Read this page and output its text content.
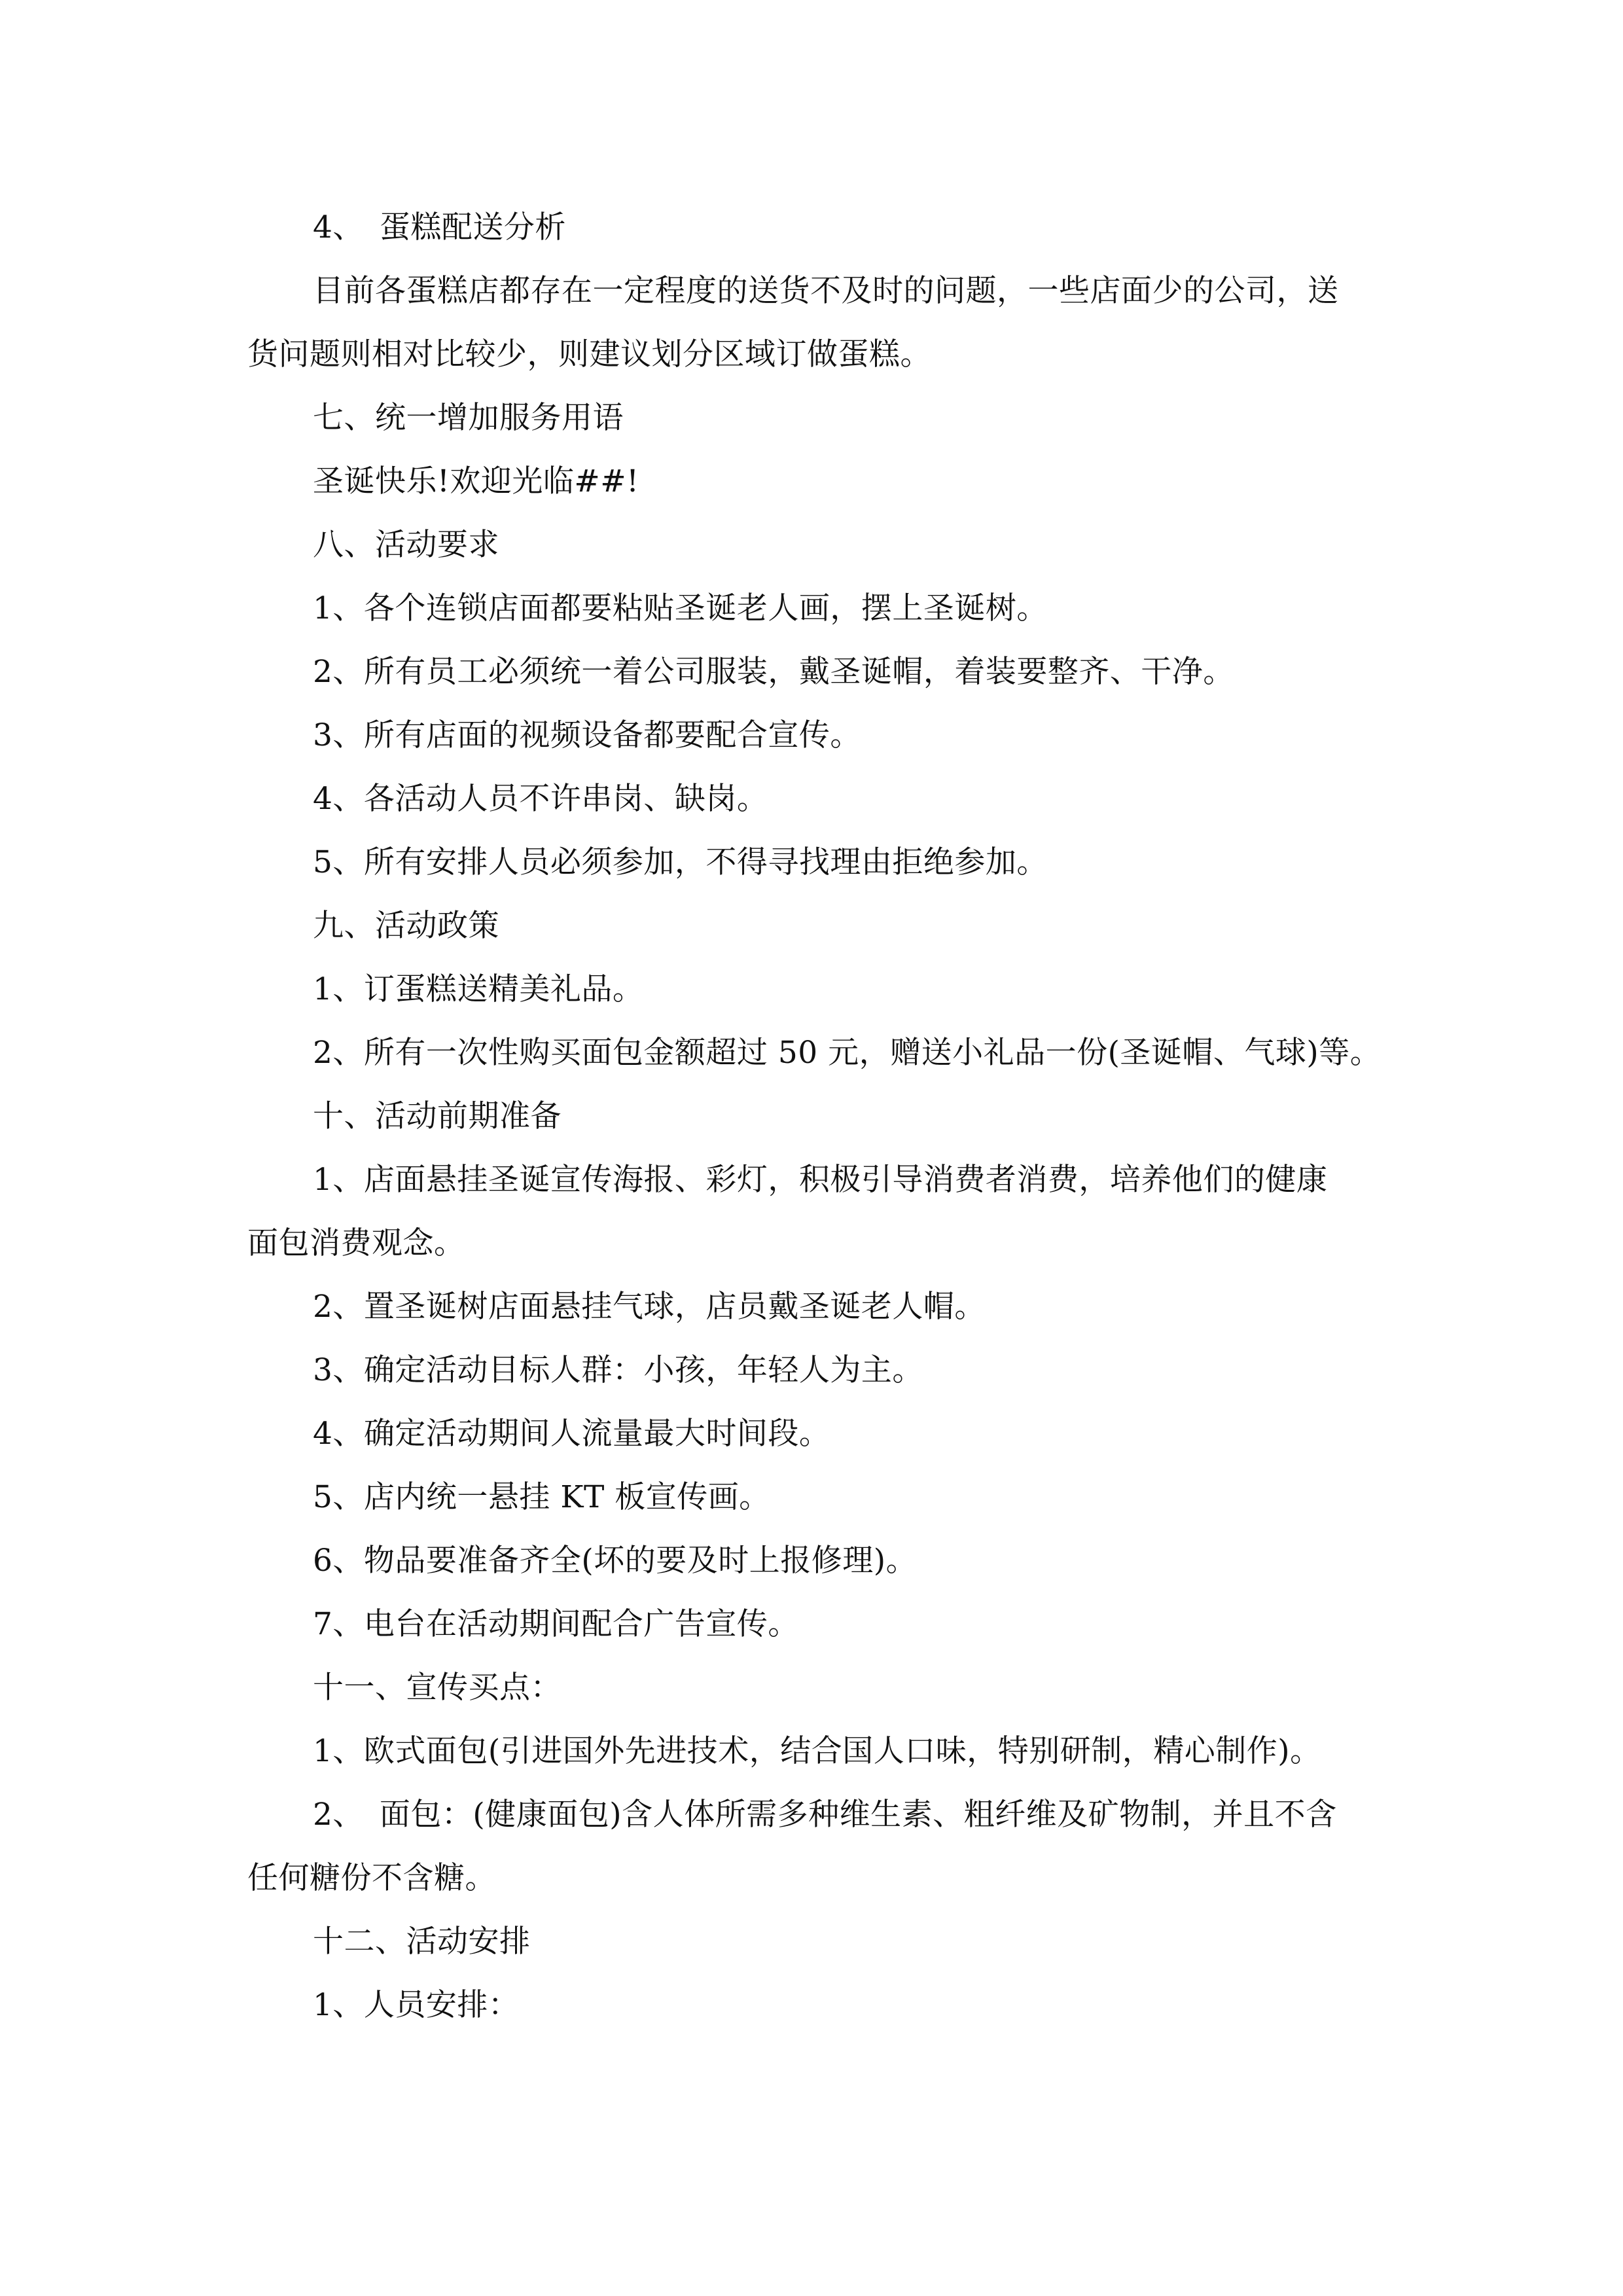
4、　蛋糕配送分析
目前各蛋糕店都存在一定程度的送货不及时的问题，一些店面少的公司，送
货问题则相对比较少，则建议划分区域订做蛋糕。
七、统一增加服务用语
圣诞快乐!欢迎光临##!
八、活动要求
1、各个连锁店面都要粘贴圣诞老人画，摆上圣诞树。
2、所有员工必须统一着公司服装，戴圣诞帽，着装要整齐、干净。
3、所有店面的视频设备都要配合宣传。
4、各活动人员不许串岗、缺岗。
5、所有安排人员必须参加，不得寻找理由拒绝参加。
九、活动政策
1、订蛋糕送精美礼品。
2、所有一次性购买面包金额超过 50 元，赠送小礼品一份(圣诞帽、气球)等。
十、活动前期准备
1、店面悬挂圣诞宣传海报、彩灯，积极引导消费者消费，培养他们的健康
面包消费观念。
2、置圣诞树店面悬挂气球，店员戴圣诞老人帽。
3、确定活动目标人群：小孩，年轻人为主。
4、确定活动期间人流量最大时间段。
5、店内统一悬挂 KT 板宣传画。
6、物品要准备齐全(坏的要及时上报修理)。
7、电台在活动期间配合广告宣传。
十一、宣传买点：
1、欧式面包(引进国外先进技术，结合国人口味，特别研制，精心制作)。
2、　面包：(健康面包)含人体所需多种维生素、粗纤维及矿物制，并且不含
任何糖份不含糖。
十二、活动安排
1、人员安排：
